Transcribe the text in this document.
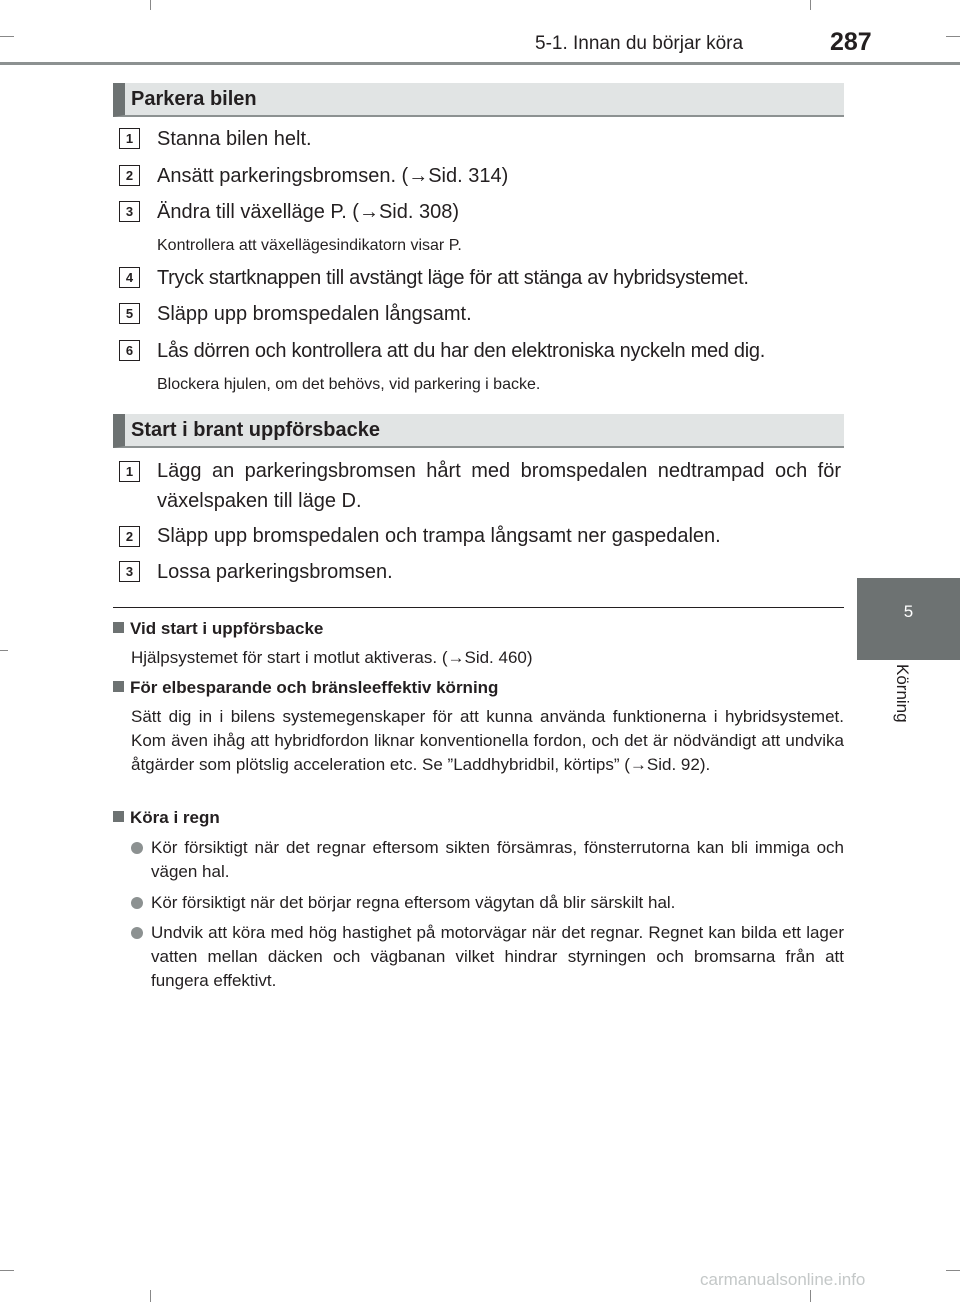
5-1. Innan du börjar köra	287
5
Körning
Parkera bilen
1	Stanna bilen helt.
2	Ansätt parkeringsbromsen. (→Sid. 314)
3	Ändra till växelläge P. (→Sid. 308)
Kontrollera att växellägesindikatorn visar P.
4	Tryck startknappen till avstängt läge för att stänga av hybridsystemet.
5	Släpp upp bromspedalen långsamt.
6	Lås dörren och kontrollera att du har den elektroniska nyckeln med dig.
Blockera hjulen, om det behövs, vid parkering i backe.
Start i brant uppförsbacke
1	Lägg an parkeringsbromsen hårt med bromspedalen nedtrampad och för växelspaken till läge D.
2	Släpp upp bromspedalen och trampa långsamt ner gaspedalen.
3	Lossa parkeringsbromsen.
Vid start i uppförsbacke
Hjälpsystemet för start i motlut aktiveras. (→Sid. 460)
För elbesparande och bränsleeffektiv körning
Sätt dig in i bilens systemegenskaper för att kunna använda funktionerna i hybridsystemet. Kom även ihåg att hybridfordon liknar konventionella fordon, och det är nödvändigt att undvika åtgärder som plötslig acceleration etc. Se ”Laddhybridbil, körtips” (→Sid. 92).
Köra i regn
Kör försiktigt när det regnar eftersom sikten försämras, fönsterrutorna kan bli immiga och vägen hal.
Kör försiktigt när det börjar regna eftersom vägytan då blir särskilt hal.
Undvik att köra med hög hastighet på motorvägar när det regnar. Regnet kan bilda ett lager vatten mellan däcken och vägbanan vilket hindrar styrningen och bromsarna från att fungera effektivt.
carmanualsonline.info
